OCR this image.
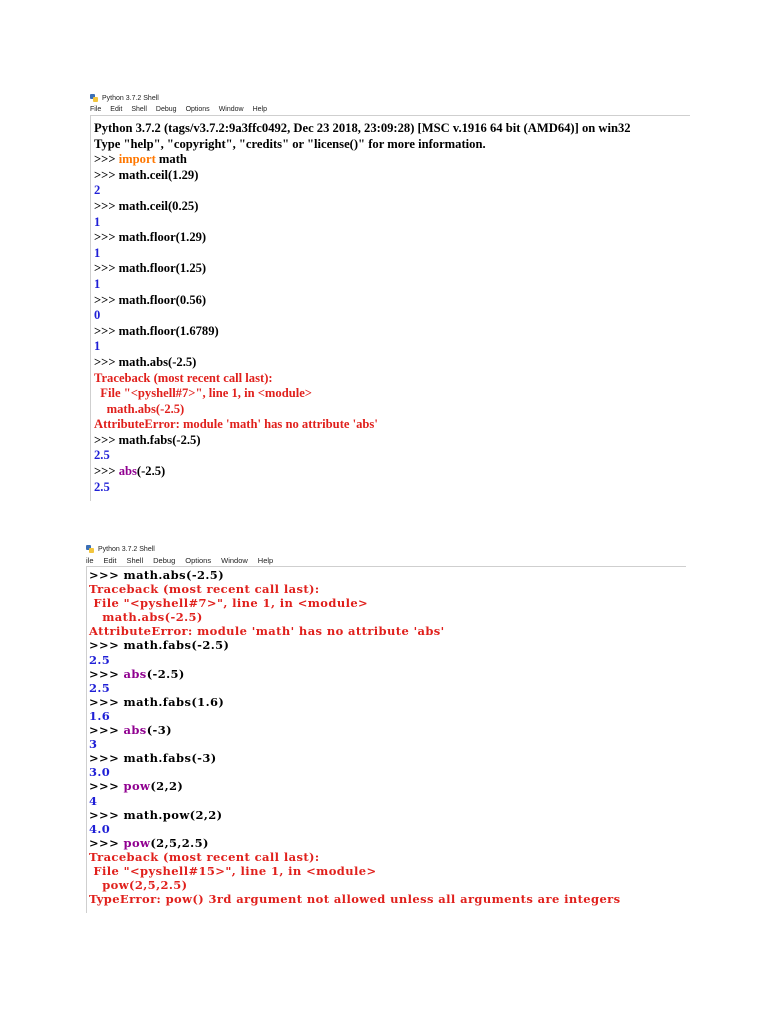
Python 3.7.2 Shell
File Edit Shell Debug Options Window Help
Python 3.7.2 (tags/v3.7.2:9a3ffc0492, Dec 23 2018, 23:09:28) [MSC v.1916 64 bit (AMD64)] on win32
Type "help", "copyright", "credits" or "license()" for more information.
>>> import math
>>> math.ceil(1.29)
2
>>> math.ceil(0.25)
1
>>> math.floor(1.29)
1
>>> math.floor(1.25)
1
>>> math.floor(0.56)
0
>>> math.floor(1.6789)
1
>>> math.abs(-2.5)
Traceback (most recent call last):
File "<pyshell#7>", line 1, in <module>
math.abs(-2.5)
AttributeError: module 'math' has no attribute 'abs'
>>> math.fabs(-2.5)
2.5
>>> abs(-2.5)
2.5
Python 3.7.2 Shell
ile Edit Shell Debug Options Window Help
>>> math.abs(-2.5)
Traceback (most recent call last):
File "<pyshell#7>", line 1, in <module>
math.abs(-2.5)
AttributeError: module 'math' has no attribute 'abs'
>>> math.fabs(-2.5)
2.5
>>> abs(-2.5)
2.5
>>> math.fabs(1.6)
1.6
>>> abs(-3)
3
>>> math.fabs(-3)
3.0
>>> pow(2,2)
4
>>> math.pow(2,2)
4.0
>>> pow(2,5,2.5)
Traceback (most recent call last):
File "<pyshell#15>", line 1, in <module>
pow(2,5,2.5)
TypeError: pow() 3rd argument not allowed unless all arguments are integers
